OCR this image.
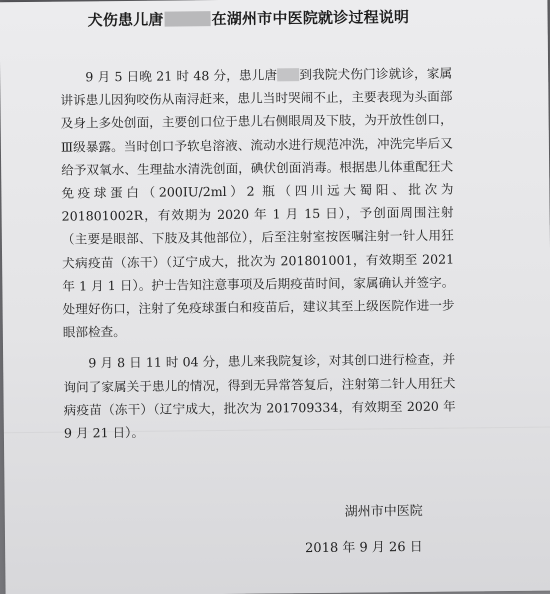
犬伤患儿唐	在湖州市中医院就诊过程说明

9 月 5 日晚 21 时 48 分，患儿唐 到我院犬伤门诊就诊，家属讲诉患儿因狗咬伤从南浔赶来，患儿当时哭闹不止，主要表现为头面部及身上多处创面，主要创口位于患儿右侧眼周及下肢，为开放性创口，Ⅲ级暴露。当时创口予软皂溶液、流动水进行规范冲洗，冲洗完毕后又给予双氧水、生理盐水清洗创面，碘伏创面消毒。根据患儿体重配狂犬免疫球蛋白（200IU/2ml）2 瓶（四川远大蜀阳、批次为 201801002R，有效期为 2020 年 1 月 15 日），予创面周围注射（主要是眼部、下肢及其他部位），后至注射室按医嘱注射一针人用狂犬病疫苗（冻干）（辽宁成大，批次为 201801001，有效期至 2021 年 1 月 1 日）。护士告知注意事项及后期疫苗时间，家属确认并签字。处理好伤口，注射了免疫球蛋白和疫苗后，建议其至上级医院作进一步眼部检查。

9 月 8 日 11 时 04 分，患儿来我院复诊，对其创口进行检查，并询问了家属关于患儿的情况，得到无异常答复后，注射第二针人用狂犬病疫苗（冻干）（辽宁成大，批次为 201709334，有效期至 2020 年 9 月 21 日）。

湖州市中医院
2018 年 9 月 26 日
